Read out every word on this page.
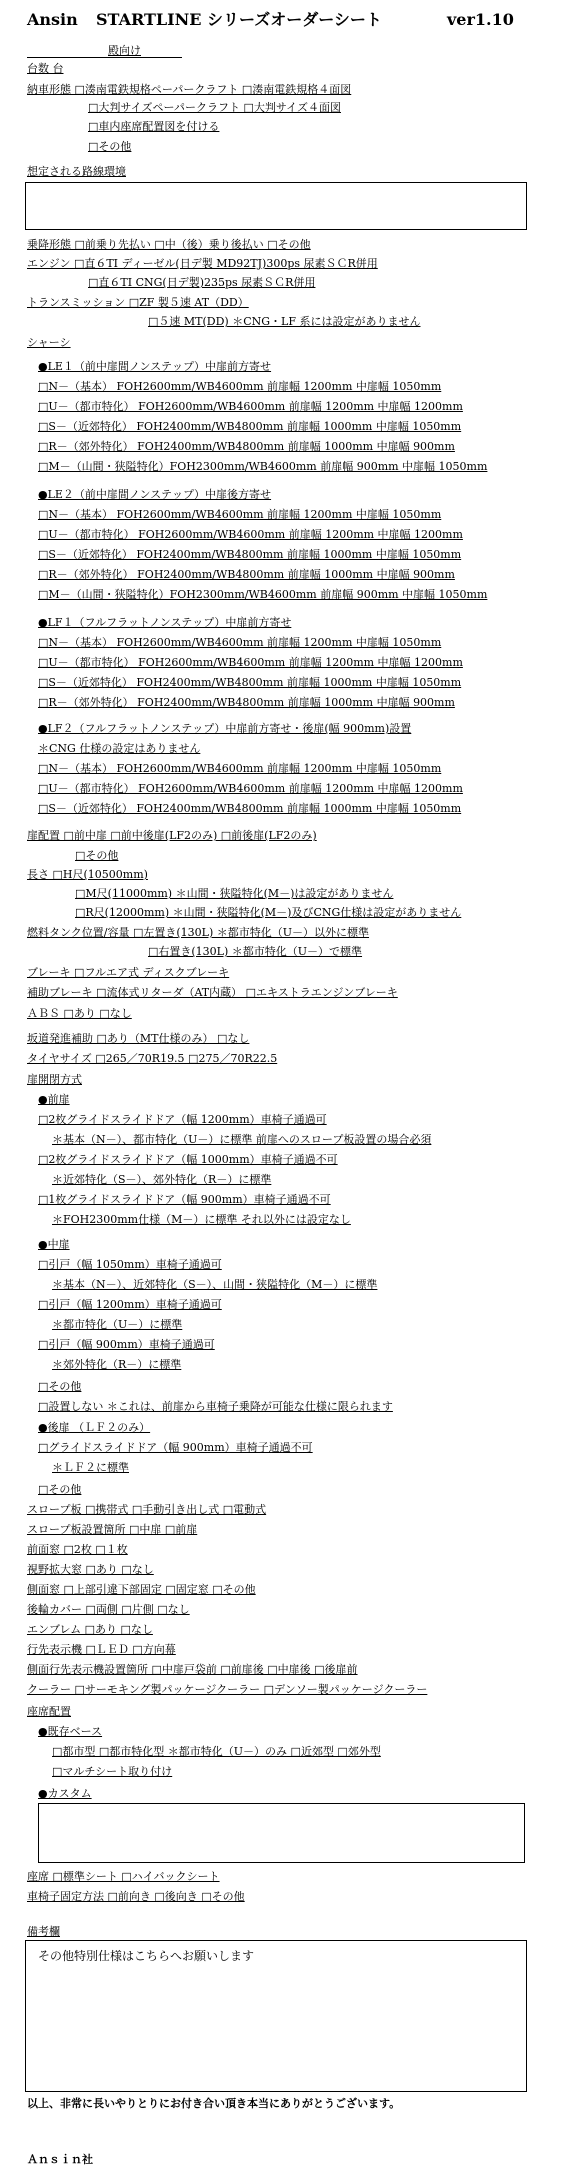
Ansin STARTLINE シリーズオーダーシート	ver1.10
その他特別仕様はこちらへお願いします
殿向け
台数 台
納車形態 □湊南電鉄規格ペーパークラフト □湊南電鉄規格４面図
□大判サイズペーパークラフト □大判サイズ４面図
□車内座席配置図を付ける
□その他
想定される路線環境
乗降形態 □前乗り先払い □中（後）乗り後払い □その他
エンジン □直６TI ディーゼル(日デ製 MD92TJ)300ps 尿素ＳＣR併用
□直６TI CNG(日デ製)235ps 尿素ＳＣR併用
トランスミッション □ZF 製５速 AT（DD）
□５速 MT(DD) ＊CNG・LF 系には設定がありません
シャーシ
●LE１（前中扉間ノンステップ）中扉前方寄せ
□N－（基本） FOH2600mm/WB4600mm 前扉幅 1200mm 中扉幅 1050mm
□U－（都市特化） FOH2600mm/WB4600mm 前扉幅 1200mm 中扉幅 1200mm
□S－（近郊特化） FOH2400mm/WB4800mm 前扉幅 1000mm 中扉幅 1050mm
□R－（郊外特化） FOH2400mm/WB4800mm 前扉幅 1000mm 中扉幅 900mm
□M－（山間・狭隘特化）FOH2300mm/WB4600mm 前扉幅 900mm 中扉幅 1050mm
●LE２（前中扉間ノンステップ）中扉後方寄せ
□N－（基本） FOH2600mm/WB4600mm 前扉幅 1200mm 中扉幅 1050mm
□U－（都市特化） FOH2600mm/WB4600mm 前扉幅 1200mm 中扉幅 1200mm
□S－（近郊特化） FOH2400mm/WB4800mm 前扉幅 1000mm 中扉幅 1050mm
□R－（郊外特化） FOH2400mm/WB4800mm 前扉幅 1000mm 中扉幅 900mm
□M－（山間・狭隘特化）FOH2300mm/WB4600mm 前扉幅 900mm 中扉幅 1050mm
●LF１（フルフラットノンステップ）中扉前方寄せ
□N－（基本） FOH2600mm/WB4600mm 前扉幅 1200mm 中扉幅 1050mm
□U－（都市特化） FOH2600mm/WB4600mm 前扉幅 1200mm 中扉幅 1200mm
□S－（近郊特化） FOH2400mm/WB4800mm 前扉幅 1000mm 中扉幅 1050mm
□R－（郊外特化） FOH2400mm/WB4800mm 前扉幅 1000mm 中扉幅 900mm
●LF２（フルフラットノンステップ）中扉前方寄せ・後扉(幅 900mm)設置
＊CNG 仕様の設定はありません
□N－（基本） FOH2600mm/WB4600mm 前扉幅 1200mm 中扉幅 1050mm
□U－（都市特化） FOH2600mm/WB4600mm 前扉幅 1200mm 中扉幅 1200mm
□S－（近郊特化） FOH2400mm/WB4800mm 前扉幅 1000mm 中扉幅 1050mm
扉配置 □前中扉 □前中後扉(LF2のみ) □前後扉(LF2のみ)
□その他
長さ □H尺(10500mm)
□M尺(11000mm) ＊山間・狭隘特化(M－)は設定がありません
□R尺(12000mm) ＊山間・狭隘特化(M－)及びCNG仕様は設定がありません
燃料タンク位置/容量 □左置き(130L) ＊都市特化（U－）以外に標準
□右置き(130L) ＊都市特化（U－）で標準
ブレーキ □フルエア式 ディスクブレーキ
補助ブレーキ □流体式リターダ（AT内蔵） □エキストラエンジンブレーキ
ＡＢＳ □あり □なし
坂道発進補助 □あり（MT仕様のみ） □なし
タイヤサイズ □265／70R19.5 □275／70R22.5
扉開閉方式
●前扉
□2枚グライドスライドドア（幅 1200mm）車椅子通過可
＊基本（N－）、都市特化（U－）に標準 前扉へのスロープ板設置の場合必須
□2枚グライドスライドドア（幅 1000mm）車椅子通過不可
＊近郊特化（S－）、郊外特化（R－）に標準
□1枚グライドスライドドア（幅 900mm）車椅子通過不可
＊FOH2300mm仕様（M－）に標準 それ以外には設定なし
●中扉
□引戸（幅 1050mm）車椅子通過可
＊基本（N－）、近郊特化（S－）、山間・狭隘特化（M－）に標準
□引戸（幅 1200mm）車椅子通過可
＊都市特化（U－）に標準
□引戸（幅 900mm）車椅子通過可
＊郊外特化（R－）に標準
□その他
□設置しない ＊これは、前扉から車椅子乗降が可能な仕様に限られます
●後扉 （ＬＦ２のみ）
□グライドスライドドア（幅 900mm）車椅子通過不可
＊ＬＦ２に標準
□その他
スロープ板 □携帯式 □手動引き出し式 □電動式
スロープ板設置箇所 □中扉 □前扉
前面窓 □2枚 □１枚
視野拡大窓 □あり □なし
側面窓 □上部引違下部固定 □固定窓 □その他
後輪カバー □両側 □片側 □なし
エンブレム □あり □なし
行先表示機 □ＬＥＤ □方向幕
側面行先表示機設置箇所 □中扉戸袋前 □前扉後 □中扉後 □後扉前
クーラー □サーモキング製パッケージクーラー □デンソー製パッケージクーラー
座席配置
●既存ベース
□都市型 □都市特化型 ＊都市特化（U－）のみ □近郊型 □郊外型
□マルチシート取り付け
●カスタム
座席 □標準シート □ハイバックシート
車椅子固定方法 □前向き □後向き □その他
備考欄
以上、非常に長いやりとりにお付き合い頂き本当にありがとうございます。
Ａｎｓｉｎ社
